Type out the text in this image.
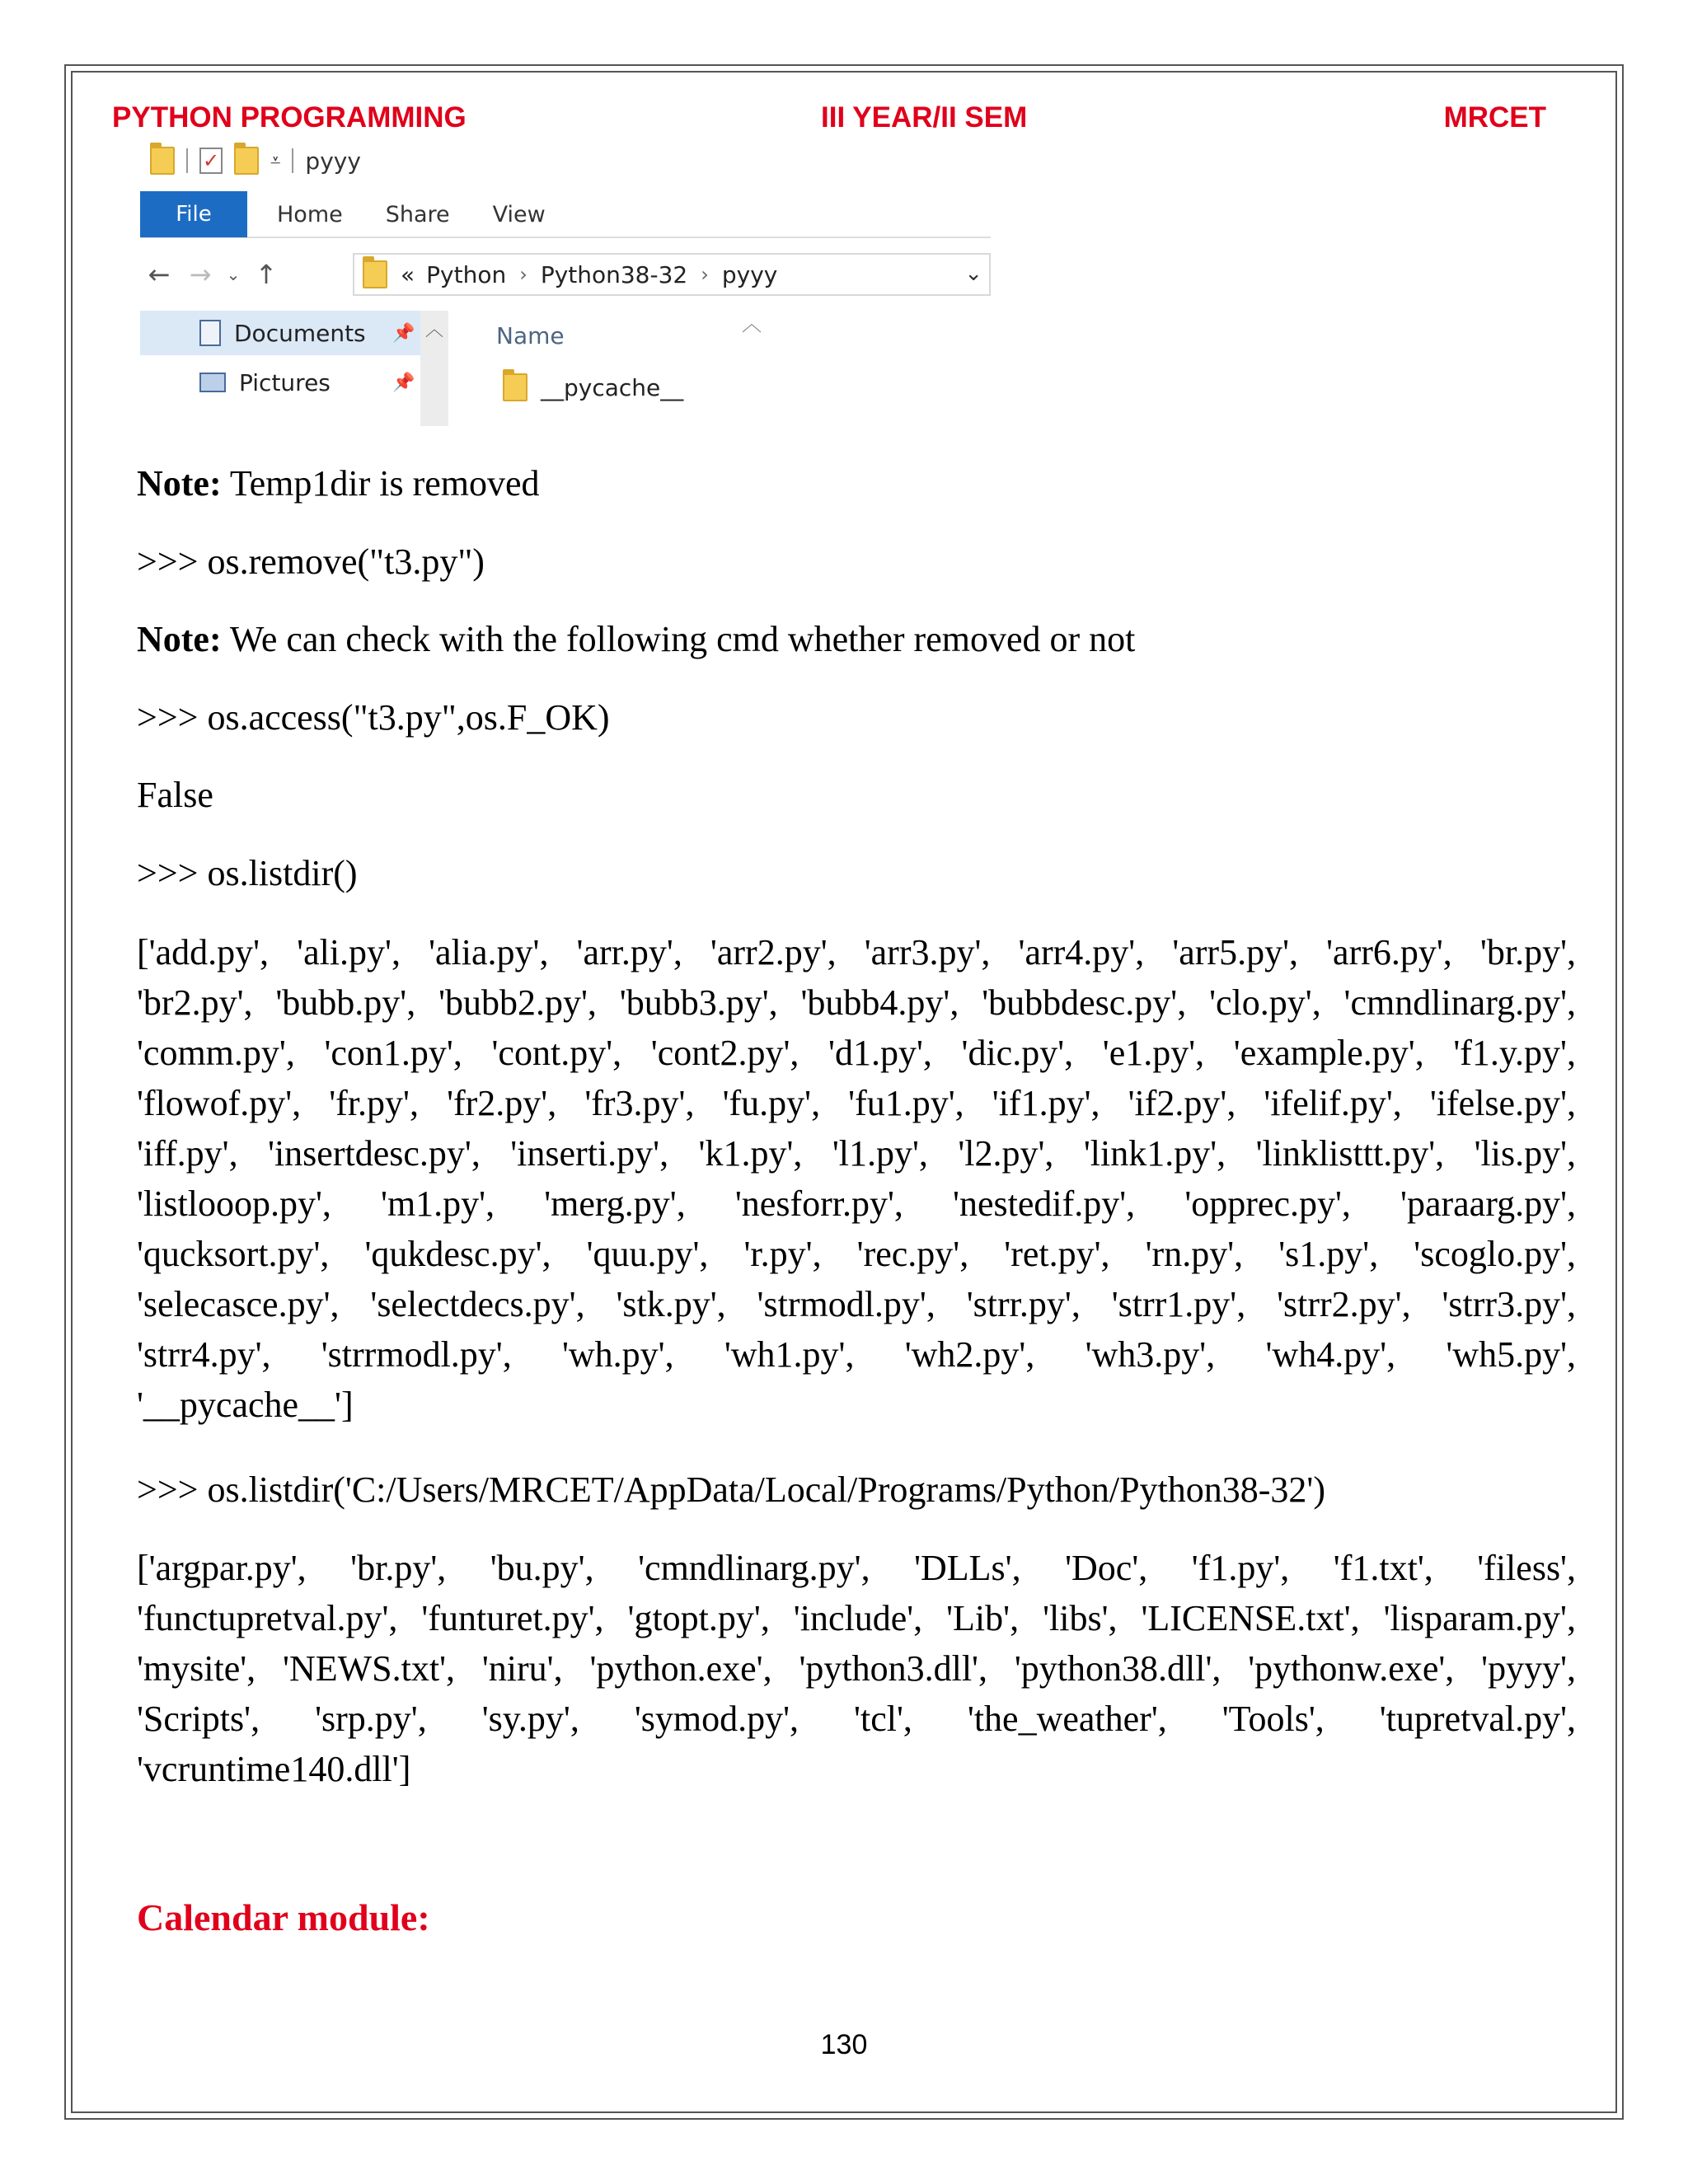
PYTHON PROGRAMMING	III YEAR/II SEM	MRCET
✓	⩡ pyyy
File	Home Share View
← → ⌄ ↑	« Python › Python38-32 › pyyy	⌄
Documents 📌
Pictures	📌
︿ Name	︿
__pycache__
Note: Temp1dir is removed
>>> os.remove("t3.py")
Note: We can check with the following cmd whether removed or not
>>> os.access("t3.py",os.F_OK)
False
>>> os.listdir()
['add.py', 'ali.py', 'alia.py', 'arr.py', 'arr2.py', 'arr3.py', 'arr4.py', 'arr5.py', 'arr6.py', 'br.py',
'br2.py', 'bubb.py', 'bubb2.py', 'bubb3.py', 'bubb4.py', 'bubbdesc.py', 'clo.py', 'cmndlinarg.py',
'comm.py', 'con1.py', 'cont.py', 'cont2.py', 'd1.py', 'dic.py', 'e1.py', 'example.py', 'f1.y.py',
'flowof.py', 'fr.py', 'fr2.py', 'fr3.py', 'fu.py', 'fu1.py', 'if1.py', 'if2.py', 'ifelif.py', 'ifelse.py',
'iff.py', 'insertdesc.py', 'inserti.py', 'k1.py', 'l1.py', 'l2.py', 'link1.py', 'linklisttt.py', 'lis.py',
'listlooop.py', 'm1.py', 'merg.py', 'nesforr.py', 'nestedif.py', 'opprec.py', 'paraarg.py',
'qucksort.py', 'qukdesc.py', 'quu.py', 'r.py', 'rec.py', 'ret.py', 'rn.py', 's1.py', 'scoglo.py',
'selecasce.py', 'selectdecs.py', 'stk.py', 'strmodl.py', 'strr.py', 'strr1.py', 'strr2.py', 'strr3.py',
'strr4.py', 'strrmodl.py', 'wh.py', 'wh1.py', 'wh2.py', 'wh3.py', 'wh4.py', 'wh5.py',
'__pycache__']
>>> os.listdir('C:/Users/MRCET/AppData/Local/Programs/Python/Python38-32')
['argpar.py', 'br.py', 'bu.py', 'cmndlinarg.py', 'DLLs', 'Doc', 'f1.py', 'f1.txt', 'filess',
'functupretval.py', 'funturet.py', 'gtopt.py', 'include', 'Lib', 'libs', 'LICENSE.txt', 'lisparam.py',
'mysite', 'NEWS.txt', 'niru', 'python.exe', 'python3.dll', 'python38.dll', 'pythonw.exe', 'pyyy',
'Scripts', 'srp.py', 'sy.py', 'symod.py', 'tcl', 'the_weather', 'Tools', 'tupretval.py',
'vcruntime140.dll']
Calendar module:
130
